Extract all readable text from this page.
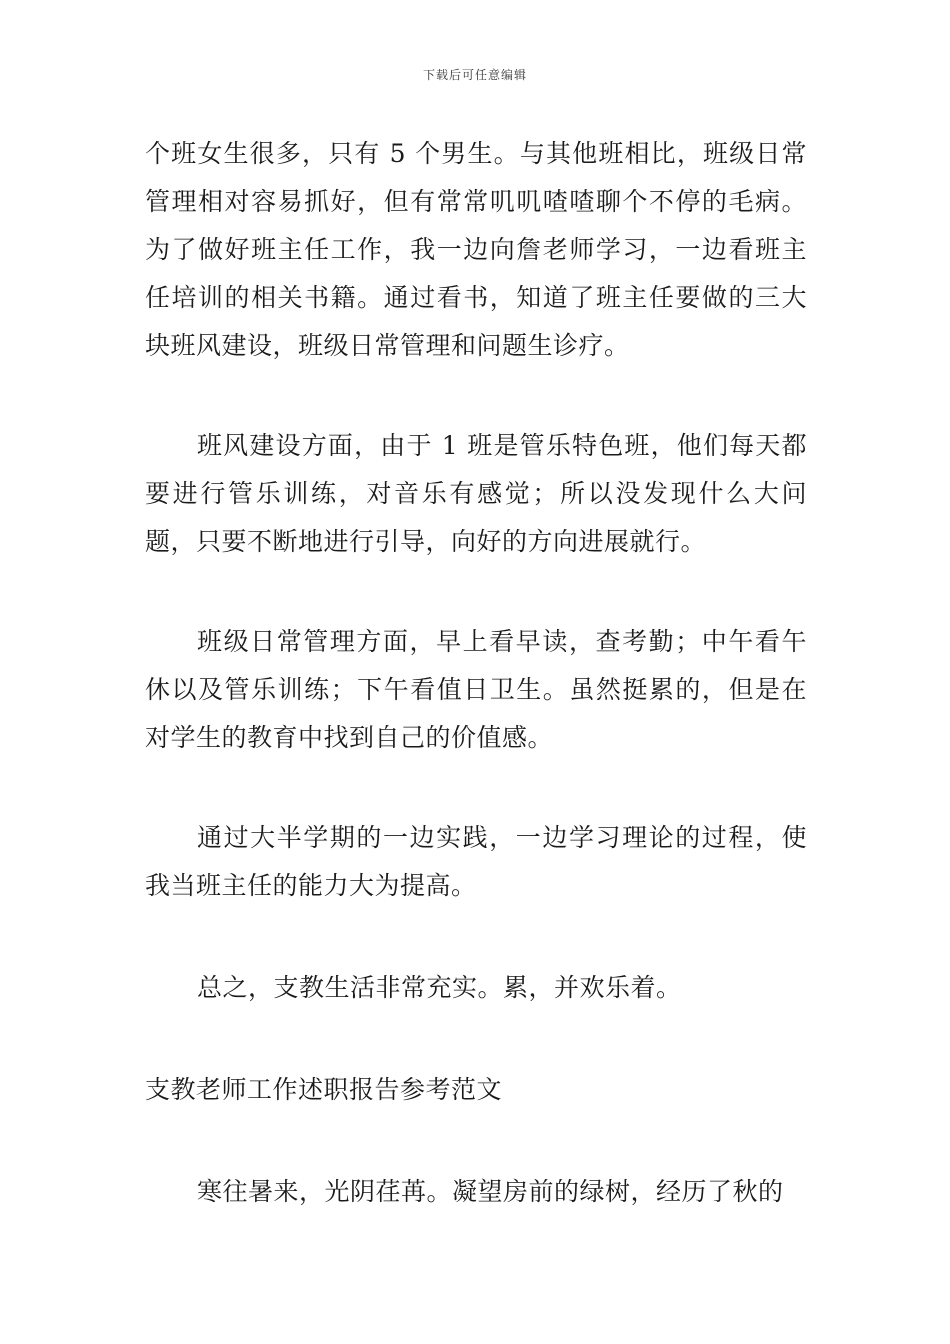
下载后可任意编辑

个班女生很多，只有 5 个男生。与其他班相比，班级日常管理相对容易抓好，但有常常叽叽喳喳聊个不停的毛病。为了做好班主任工作，我一边向詹老师学习，一边看班主任培训的相关书籍。通过看书，知道了班主任要做的三大块班风建设，班级日常管理和问题生诊疗。

班风建设方面，由于 1 班是管乐特色班，他们每天都要进行管乐训练，对音乐有感觉；所以没发现什么大问题，只要不断地进行引导，向好的方向进展就行。

班级日常管理方面，早上看早读，查考勤；中午看午休以及管乐训练；下午看值日卫生。虽然挺累的，但是在对学生的教育中找到自己的价值感。

通过大半学期的一边实践，一边学习理论的过程，使我当班主任的能力大为提高。

总之，支教生活非常充实。累，并欢乐着。

支教老师工作述职报告参考范文

寒往暑来，光阴荏苒。凝望房前的绿树，经历了秋的
